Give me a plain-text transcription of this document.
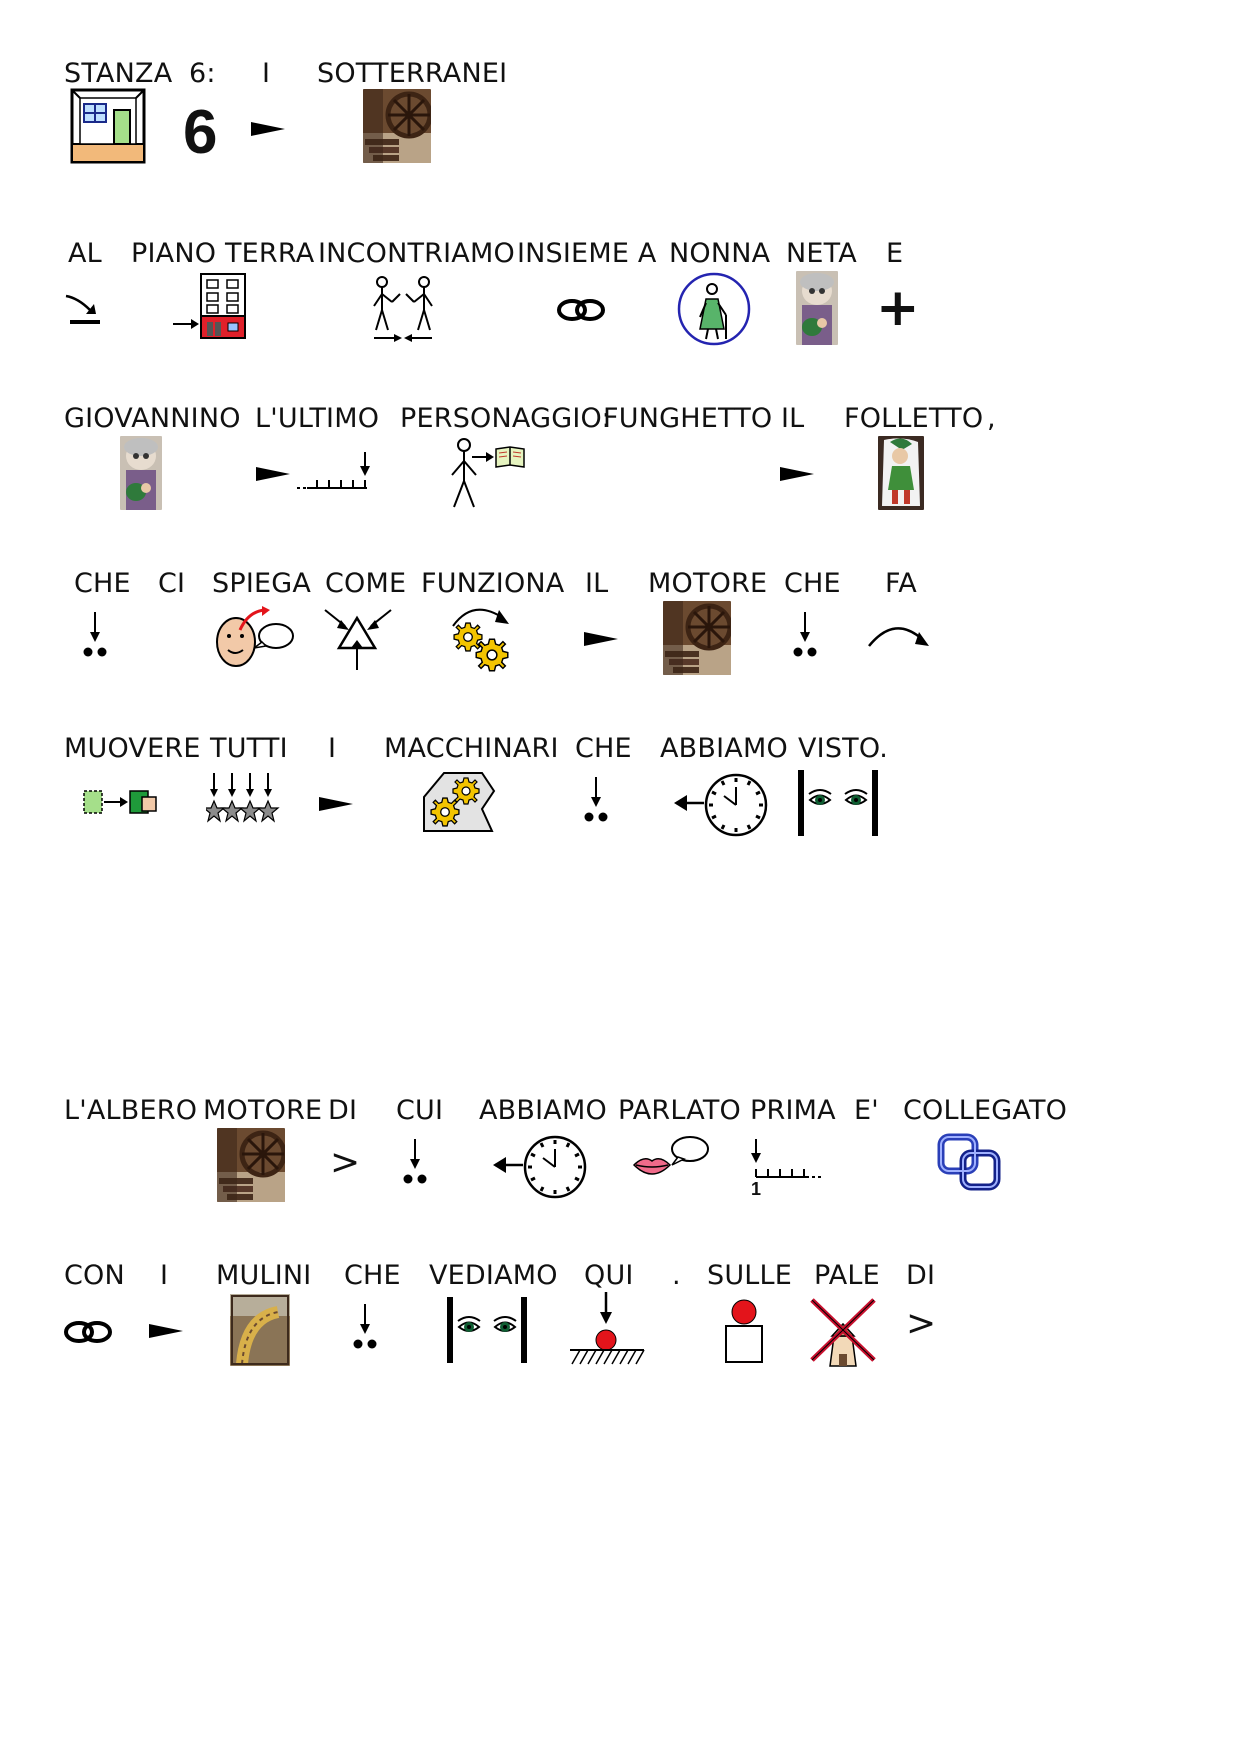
STANZA 6:
6
I SOTTERRANEI
AL PIANO TERRA INCONTRIAMO INSIEME A NONNA NETA E
+
GIOVANNINO L'ULTIMO PERSONAGGIO:
FUNGHETTO IL FOLLETTO ,
CHE CI SPIEGA COME FUNZIONA IL MOTORE CHE FA
MUOVERE TUTTI I MACCHINARI CHE ABBIAMO VISTO.
L'ALBERO MOTORE DI
>
CUI ABBIAMO PARLATO PRIMA
1
E' COLLEGATO
CON I MULINI CHE VEDIAMO QUI . SULLE PALE DI
>
